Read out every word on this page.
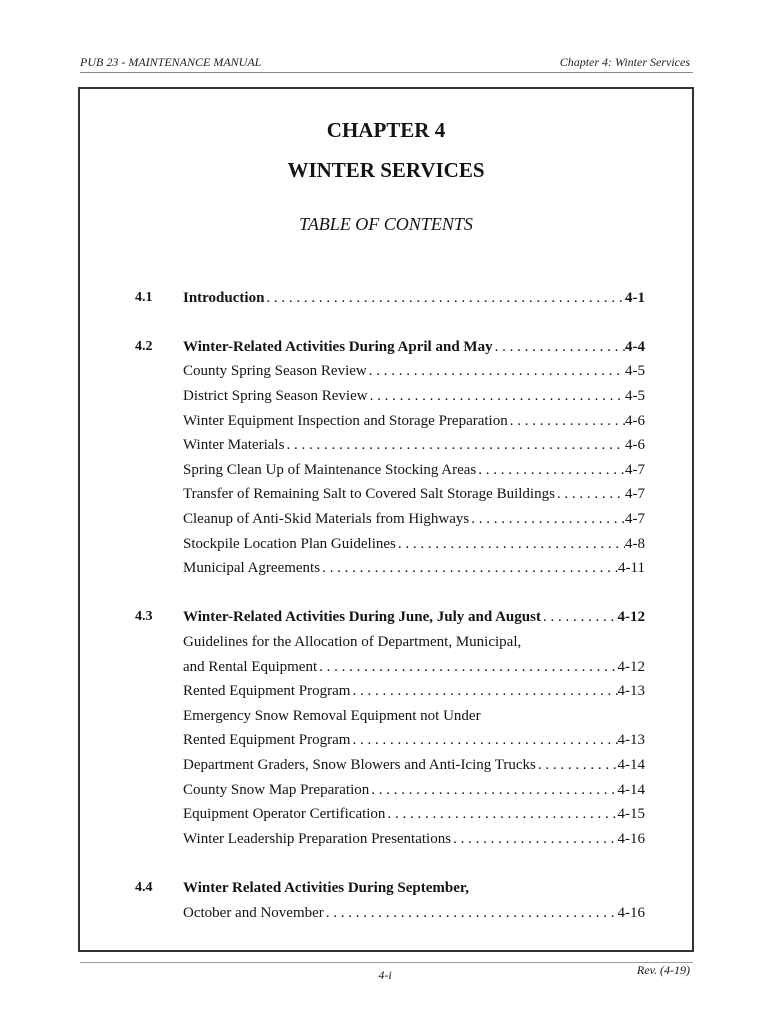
PUB 23 - MAINTENANCE MANUAL	Chapter 4: Winter Services
CHAPTER 4
WINTER SERVICES
TABLE OF CONTENTS
4.1 Introduction . . .	4-1
4.2 Winter-Related Activities During April and May . . .	4-4
County Spring Season Review . . .	4-5
District Spring Season Review . . .	4-5
Winter Equipment Inspection and Storage Preparation . . .	4-6
Winter Materials . . .	4-6
Spring Clean Up of Maintenance Stocking Areas . . .	4-7
Transfer of Remaining Salt to Covered Salt Storage Buildings . . .	4-7
Cleanup of Anti-Skid Materials from Highways . . .	4-7
Stockpile Location Plan Guidelines . . .	4-8
Municipal Agreements . . .	4-11
4.3 Winter-Related Activities During June, July and August . . .	4-12
Guidelines for the Allocation of Department, Municipal,
and Rental Equipment . . .	4-12
Rented Equipment Program . . .	4-13
Emergency Snow Removal Equipment not Under
Rented Equipment Program . . .	4-13
Department Graders, Snow Blowers and Anti-Icing Trucks . . .	4-14
County Snow Map Preparation . . .	4-14
Equipment Operator Certification . . .	4-15
Winter Leadership Preparation Presentations . . .	4-16
4.4 Winter Related Activities During September,
October and November . . .	4-16
4-i	Rev. (4-19)
